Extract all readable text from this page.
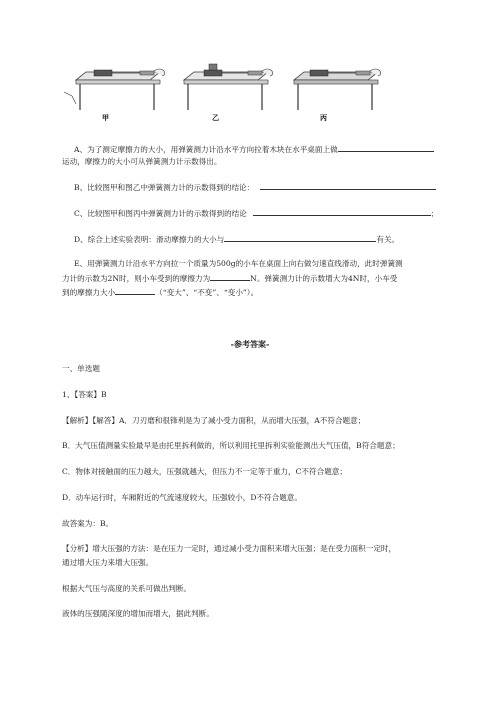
甲	乙	丙
A、为了测定摩擦力的大小，用弹簧测力计沿水平方向拉着木块在水平桌面上做
运动，摩擦力的大小可从弹簧测力计示数得出。
B、比较图甲和图乙中弹簧测力计的示数得到的结论：
C、比较图甲和图丙中弹簧测力计的示数得到的结论	；
D、综合上述实验表明：滑动摩擦力的大小与	有关。
E、用弹簧测力计沿水平方向拉一个质量为500g的小车在桌面上向右做匀速直线滑动，此时弹簧测
力计的示数为2N时，则小车受到的摩擦力为	N。弹簧测力计的示数增大为4N时，小车受
到的摩擦力大小	（“变大”、“不变”、“变小”）。
-参考答案-
一、单选题
1、【答案】B
【解析】【解答】A．刀刃磨和很锋利是为了减小受力面积，从而增大压强，A不符合题意；
B．大气压值测量实验最早是由托里拆利做的，所以利用托里拆利实验能测出大气压值，B符合题意；
C．物体对接触面的压力越大，压强就越大，但压力不一定等于重力，C不符合题意；
D．动车运行时，车厢附近的气流速度较大，压强较小，D不符合题意。
故答案为：B。
【分析】增大压强的方法：是在压力一定时，通过减小受力面积来增大压强；是在受力面积一定时，
通过增大压力来增大压强。
根据大气压与高度的关系可做出判断。
液体的压强随深度的增加而增大，据此判断。
